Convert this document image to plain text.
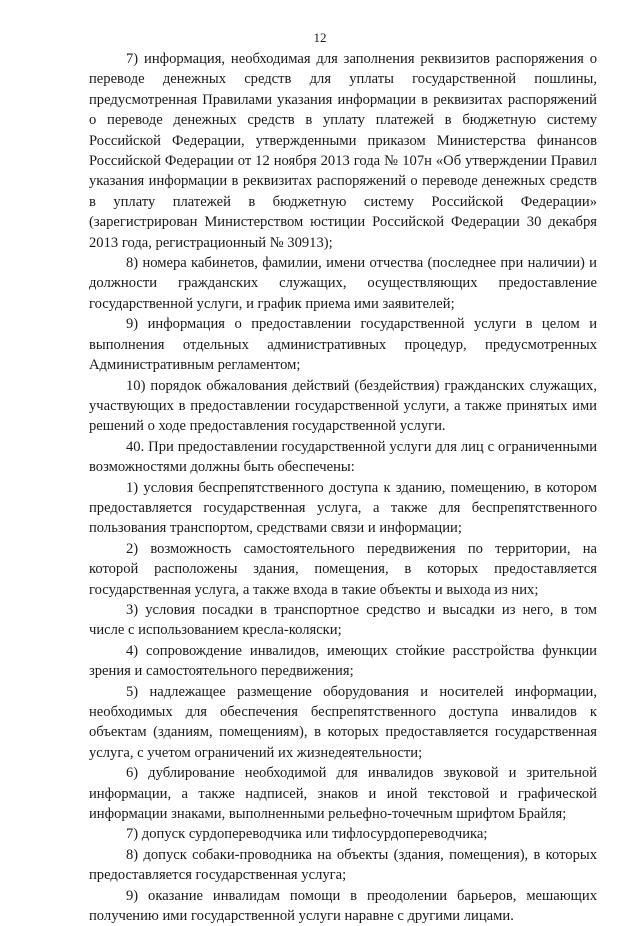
12

7) информация, необходимая для заполнения реквизитов распоряжения о переводе денежных средств для уплаты государственной пошлины, предусмотренная Правилами указания информации в реквизитах распоряжений о переводе денежных средств в уплату платежей в бюджетную систему Российской Федерации, утвержденными приказом Министерства финансов Российской Федерации от 12 ноября 2013 года № 107н «Об утверждении Правил указания информации в реквизитах распоряжений о переводе денежных средств в уплату платежей в бюджетную систему Российской Федерации» (зарегистрирован Министерством юстиции Российской Федерации 30 декабря 2013 года, регистрационный № 30913);

8) номера кабинетов, фамилии, имени отчества (последнее при наличии) и должности гражданских служащих, осуществляющих предоставление государственной услуги, и график приема ими заявителей;

9) информация о предоставлении государственной услуги в целом и выполнения отдельных административных процедур, предусмотренных Административным регламентом;

10) порядок обжалования действий (бездействия) гражданских служащих, участвующих в предоставлении государственной услуги, а также принятых ими решений о ходе предоставления государственной услуги.

40. При предоставлении государственной услуги для лиц с ограниченными возможностями должны быть обеспечены:

1) условия беспрепятственного доступа к зданию, помещению, в котором предоставляется государственная услуга, а также для беспрепятственного пользования транспортом, средствами связи и информации;

2) возможность самостоятельного передвижения по территории, на которой расположены здания, помещения, в которых предоставляется государственная услуга, а также входа в такие объекты и выхода из них;

3) условия посадки в транспортное средство и высадки из него, в том числе с использованием кресла-коляски;

4) сопровождение инвалидов, имеющих стойкие расстройства функции зрения и самостоятельного передвижения;

5) надлежащее размещение оборудования и носителей информации, необходимых для обеспечения беспрепятственного доступа инвалидов к объектам (зданиям, помещениям), в которых предоставляется государственная услуга, с учетом ограничений их жизнедеятельности;

6) дублирование необходимой для инвалидов звуковой и зрительной информации, а также надписей, знаков и иной текстовой и графической информации знаками, выполненными рельефно-точечным шрифтом Брайля;

7) допуск сурдопереводчика или тифлосурдопереводчика;

8) допуск собаки-проводника на объекты (здания, помещения), в которых предоставляется государственная услуга;

9) оказание инвалидам помощи в преодолении барьеров, мешающих получению ими государственной услуги наравне с другими лицами.
